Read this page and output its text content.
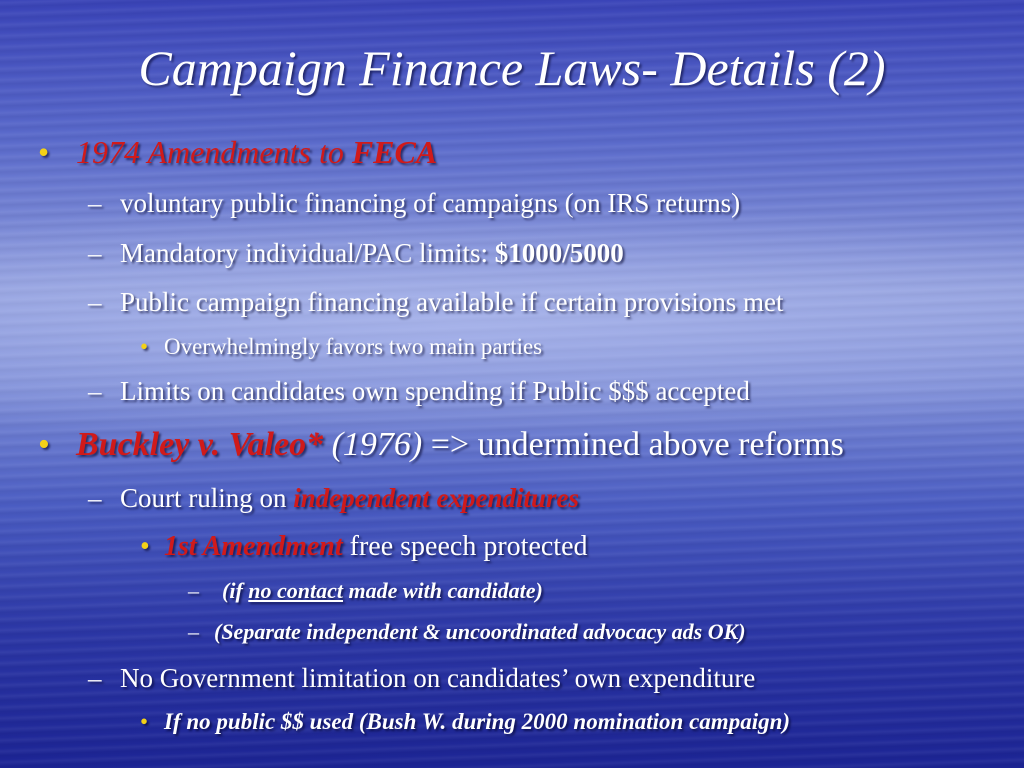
Campaign Finance Laws- Details (2)
• 1974 Amendments to FECA
– voluntary public financing of campaigns (on IRS returns)
– Mandatory individual/PAC limits: $1000/5000
– Public campaign financing available if certain provisions met
• Overwhelmingly favors two main parties
– Limits on candidates own spending if Public $$$ accepted
• Buckley v. Valeo* (1976) => undermined above reforms
– Court ruling on independent expenditures
• 1st Amendment free speech protected
– (if no contact made with candidate)
– (Separate independent & uncoordinated advocacy ads OK)
– No Government limitation on candidates’ own expenditure
• If no public $$ used (Bush W. during 2000 nomination campaign)
